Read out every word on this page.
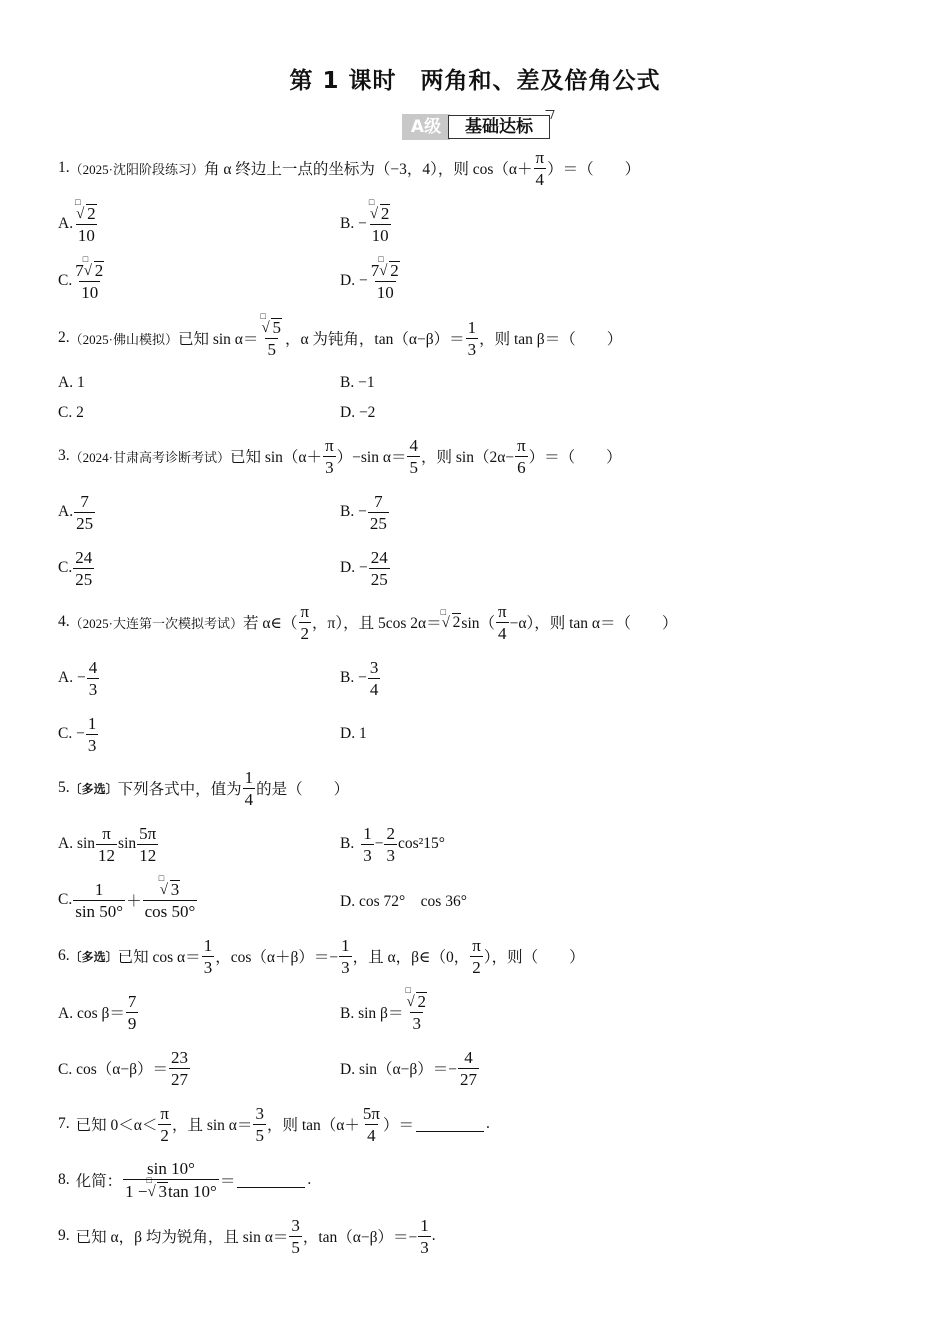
第 1 课时　两角和、差及倍角公式
A级	基础达标
1. （2025·沈阳阶段练习） 角 α 终边上一点的坐标为（−3，4），则 $\cos(\alpha+ \frac{\pi}{4}$ ）＝（　　）
A. □
√ 2
10	B. − □
√ 2
10
C. 7
□
√ 2
10	D. − 7
□
√ 2
10
2. （2025·佛山模拟） 已知 sin α＝ □
√ 5
5 ，α 为钝角，$\tan(\alpha-\beta)= \frac{1}{3}$ ，则 tan β＝（　　）
A. 1	B. −1
C. 2	D. −2
3. （2024·甘肃高考诊断考试） 已知 $\sin(\alpha+ \frac{\pi}{3} )-\sin$ $\alpha= \frac{4}{5}$ ，则 $\sin(2\alpha- \frac{\pi}{6}$ ）＝（　　）
A. $\frac{7}{25}$	B. − $\frac{7}{25}$
C. $\frac{24}{25}$	D. − $\frac{24}{25}$
4. （2025·大连第一次模拟考试） 若 α∈（ $\frac{\pi}{2}$ ，π），且 5cos 2α＝
□
√ 2 $\sin( \frac{\pi}{4} -\alpha)$，则 tan α＝（　　）
A. − $\frac{4}{3}$	B. − $\frac{3}{4}$
C. − $\frac{1}{3}$	D. 1
5. 〔多选〕 下列各式中，值为 $\frac{1}{4}$ 的是（　　）
A. $\sin \frac{\pi}{12}$ $\sin \frac{5\pi}{12}$	B. $\frac{1}{3} - \frac{2}{3} \cos^215^\circ$
C. $\frac{1}{\sin 50^\circ}$ ＋ □
√ 3
cos 50°	D. cos 72°　cos 36°
6. 〔多选〕 已知 $\cos \alpha= \frac{1}{3}$ ，$\cos(\alpha+\beta)=- \frac{1}{3}$ ，且 α，β∈（0， $\frac{\pi}{2}$ ），则（　　）
A. $\cos \beta= \frac{7}{9}$	B. sin β＝ □
√ 2
3
C. $\cos(\alpha-\beta)= \frac{23}{27}$	D. $\sin(\alpha-\beta)=- \frac{4}{27}$
7. 已知 $0<\alpha< \frac{\pi}{2}$ ，且 $\sin \alpha= \frac{3}{5}$ ，则 $\tan(\alpha+ \frac{5\pi}{4}$ ）＝	.
8. 化简： sin 10°
1 −
□
√ 3tan 10° ＝	.
9. 已知 α，β 均为锐角，且 $\sin \alpha= \frac{3}{5}$ ，$\tan(\alpha-\beta)=- \frac{1}{3}$ .
